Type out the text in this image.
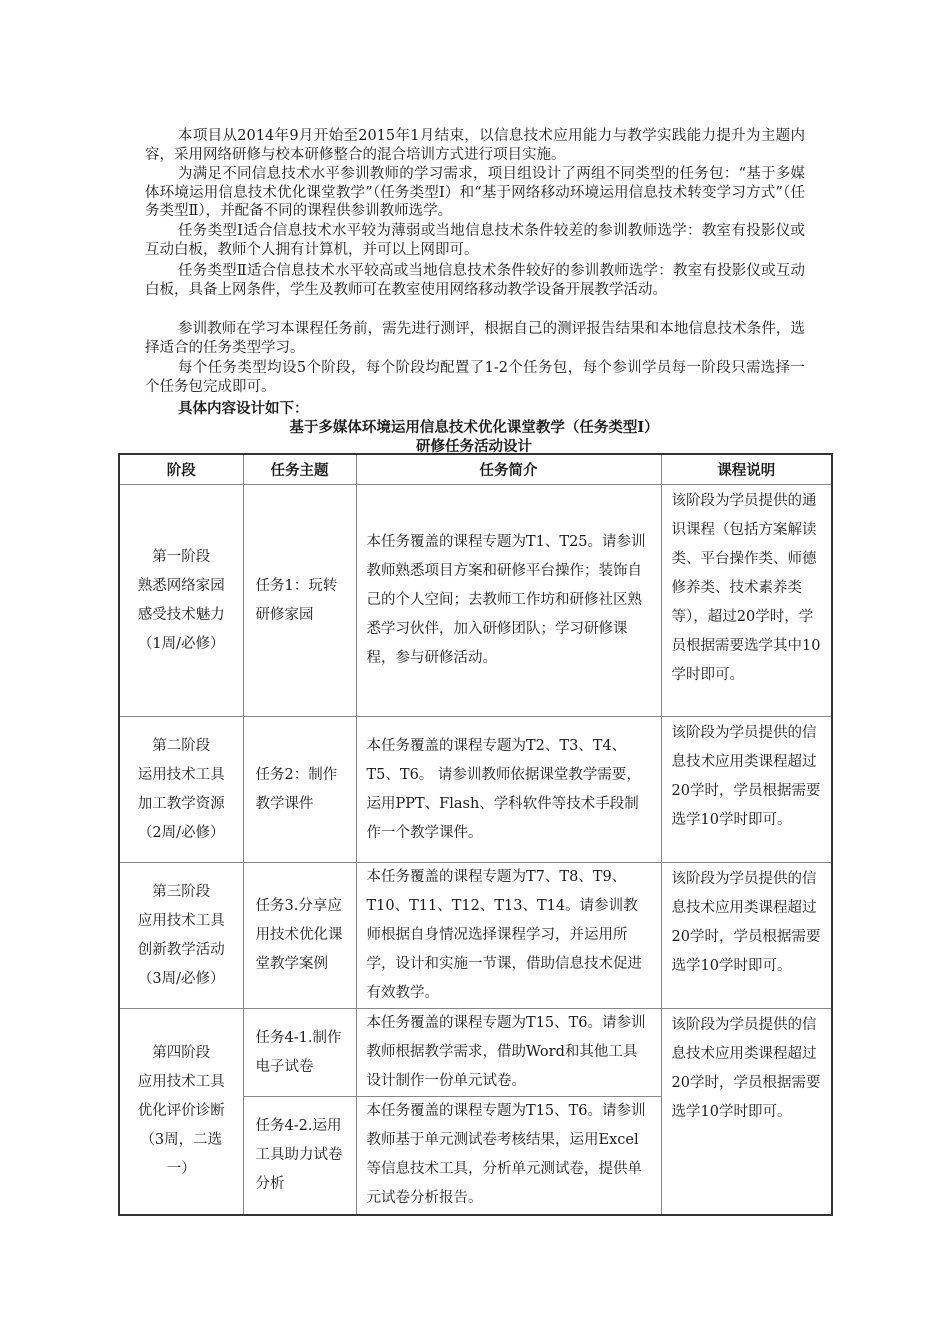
本项目从2014年9月开始至2015年1月结束，以信息技术应用能力与教学实践能力提升为主题内容，采用网络研修与校本研修整合的混合培训方式进行项目实施。

为满足不同信息技术水平参训教师的学习需求，项目组设计了两组不同类型的任务包：“基于多媒体环境运用信息技术优化课堂教学”（任务类型Ⅰ）和“基于网络移动环境运用信息技术转变学习方式”（任务类型Ⅱ），并配备不同的课程供参训教师选学。

任务类型Ⅰ适合信息技术水平较为薄弱或当地信息技术条件较差的参训教师选学：教室有投影仪或互动白板，教师个人拥有计算机，并可以上网即可。

任务类型Ⅱ适合信息技术水平较高或当地信息技术条件较好的参训教师选学：教室有投影仪或互动白板，具备上网条件，学生及教师可在教室使用网络移动教学设备开展教学活动。

参训教师在学习本课程任务前，需先进行测评，根据自己的测评报告结果和本地信息技术条件，选择适合的任务类型学习。

每个任务类型均设5个阶段，每个阶段均配置了1-2个任务包，每个参训学员每一阶段只需选择一个任务包完成即可。

具体内容设计如下：

基于多媒体环境运用信息技术优化课堂教学（任务类型Ⅰ）

研修任务活动设计

阶段	任务主题	任务简介	课程说明
第一阶段
熟悉网络家园
感受技术魅力
（1周/必修）	任务1：玩转研修家园	本任务覆盖的课程专题为T1、T25。请参训教师熟悉项目方案和研修平台操作；装饰自己的个人空间；去教师工作坊和研修社区熟悉学习伙伴，加入研修团队；学习研修课程，参与研修活动。	该阶段为学员提供的通识课程（包括方案解读类、平台操作类、师德修养类、技术素养类等），超过20学时，学员根据需要选学其中10学时即可。
第二阶段
运用技术工具
加工教学资源
（2周/必修）	任务2：制作教学课件	本任务覆盖的课程专题为T2、T3、T4、T5、T6。 请参训教师依据课堂教学需要，运用PPT、Flash、学科软件等技术手段制作一个教学课件。	该阶段为学员提供的信息技术应用类课程超过20学时，学员根据需要选学10学时即可。
第三阶段
应用技术工具
创新教学活动
（3周/必修）	任务3.分享应用技术优化课堂教学案例	本任务覆盖的课程专题为T7、T8、T9、T10、T11、T12、T13、T14。请参训教师根据自身情况选择课程学习，并运用所学，设计和实施一节课，借助信息技术促进有效教学。	该阶段为学员提供的信息技术应用类课程超过20学时，学员根据需要选学10学时即可。
第四阶段
应用技术工具
优化评价诊断
（3周，二选一）	任务4-1.制作电子试卷	本任务覆盖的课程专题为T15、T6。请参训教师根据教学需求，借助Word和其他工具设计制作一份单元试卷。	该阶段为学员提供的信息技术应用类课程超过20学时，学员根据需要选学10学时即可。
	任务4-2.运用工具助力试卷分析	本任务覆盖的课程专题为T15、T6。请参训教师基于单元测试卷考核结果，运用Excel等信息技术工具，分析单元测试卷，提供单元试卷分析报告。	
